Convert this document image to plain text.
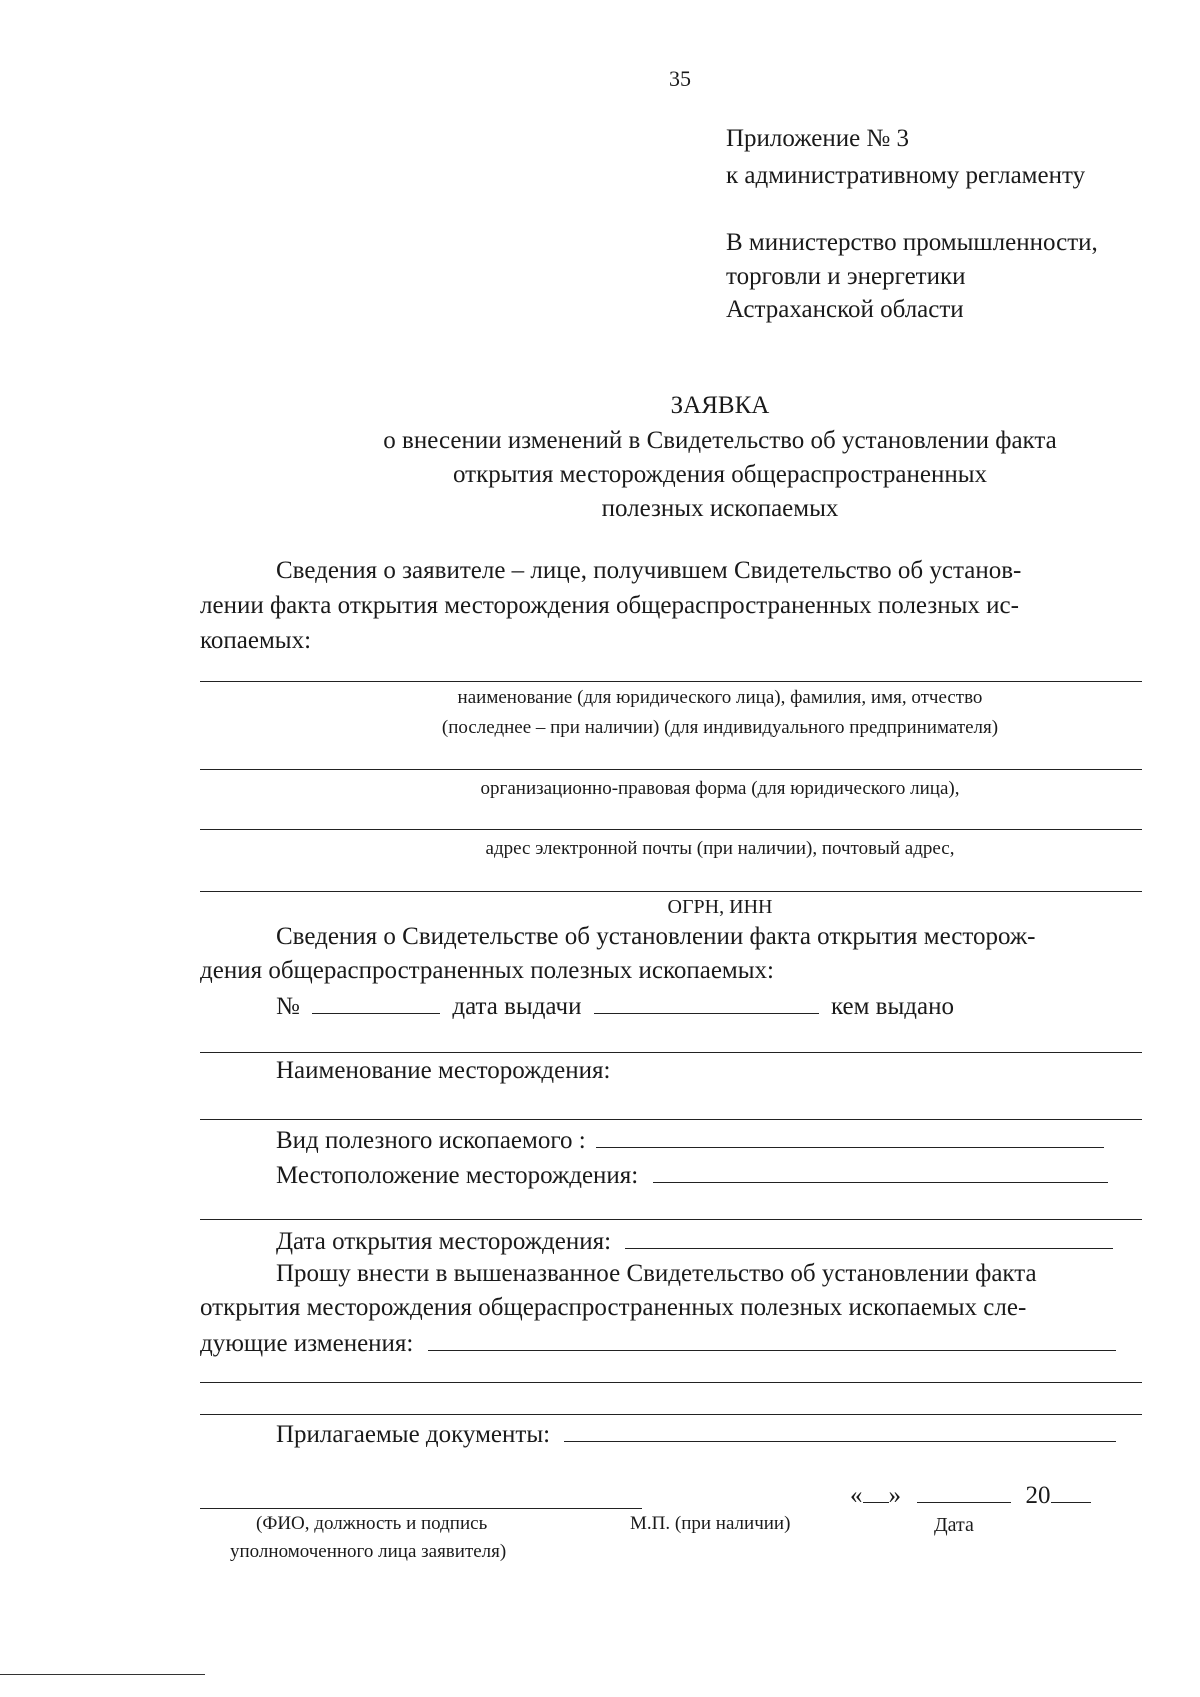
35
Приложение № 3
к административному регламенту
В министерство промышленности,
торговли и энергетики
Астраханской области
ЗАЯВКА
о внесении изменений в Свидетельство об установлении факта
открытия месторождения общераспространенных
полезных ископаемых
Сведения о заявителе – лице, получившем Свидетельство об установ-
лении факта открытия месторождения общераспространенных полезных ис-
копаемых:
наименование (для юридического лица), фамилия, имя, отчество
(последнее – при наличии) (для индивидуального предпринимателя)
организационно-правовая форма (для юридического лица),
адрес электронной почты (при наличии), почтовый адрес,
ОГРН, ИНН
Сведения о Свидетельстве об установлении факта открытия месторож-
дения общераспространенных полезных ископаемых:
№	дата выдачи	кем выдано
Наименование месторождения:
Вид полезного ископаемого :
Местоположение месторождения:
Дата открытия месторождения:
Прошу внести в вышеназванное Свидетельство об установлении факта
открытия месторождения общераспространенных полезных ископаемых сле-
дующие изменения:
Прилагаемые документы:
(ФИО, должность и подпись
уполномоченного лица заявителя)
М.П. (при наличии)
« »	20
Дата
